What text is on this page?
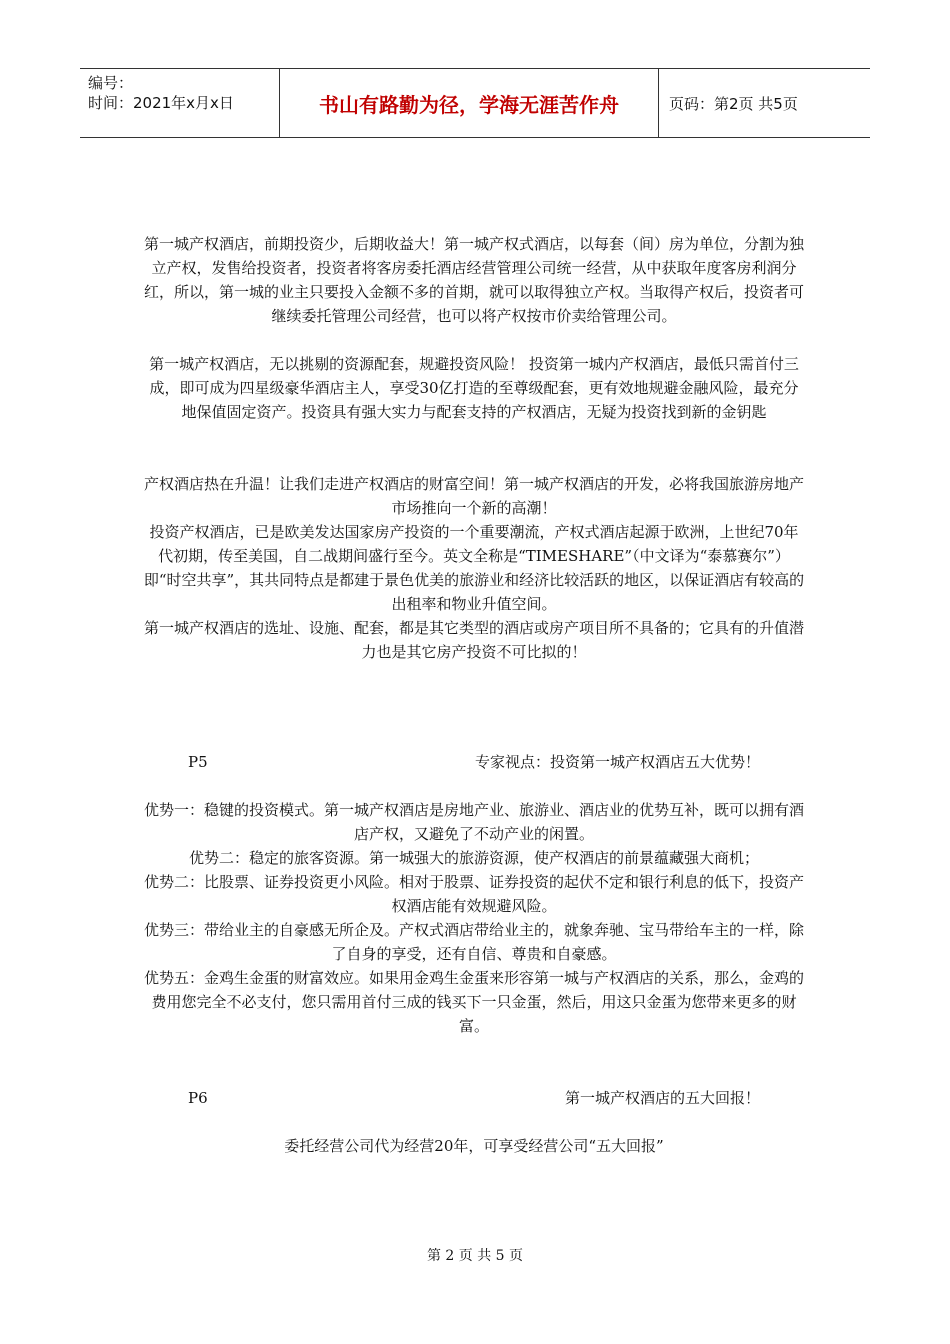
编号：
时间：2021年x月x日	书山有路勤为径，学海无涯苦作舟	页码：第2页 共5页

第一城产权酒店，前期投资少，后期收益大！第一城产权式酒店，以每套（间）房为单位，分割为独立产权，发售给投资者，投资者将客房委托酒店经营管理公司统一经营，从中获取年度客房利润分红，所以，第一城的业主只要投入金额不多的首期，就可以取得独立产权。当取得产权后，投资者可继续委托管理公司经营，也可以将产权按市价卖给管理公司。

第一城产权酒店，无以挑剔的资源配套，规避投资风险！ 投资第一城内产权酒店，最低只需首付三成，即可成为四星级豪华酒店主人，享受30亿打造的至尊级配套，更有效地规避金融风险，最充分地保值固定资产。投资具有强大实力与配套支持的产权酒店，无疑为投资找到新的金钥匙

产权酒店热在升温！让我们走进产权酒店的财富空间！第一城产权酒店的开发，必将我国旅游房地产市场推向一个新的高潮！

投资产权酒店，已是欧美发达国家房产投资的一个重要潮流，产权式酒店起源于欧洲，上世纪70年代初期，传至美国，自二战期间盛行至今。英文全称是“TIMESHARE”（中文译为“泰慕赛尔”）即“时空共享”，其共同特点是都建于景色优美的旅游业和经济比较活跃的地区，以保证酒店有较高的出租率和物业升值空间。

第一城产权酒店的选址、设施、配套，都是其它类型的酒店或房产项目所不具备的；它具有的升值潜力也是其它房产投资不可比拟的！

P5	专家视点：投资第一城产权酒店五大优势！

优势一：稳键的投资模式。第一城产权酒店是房地产业、旅游业、酒店业的优势互补，既可以拥有酒店产权，又避免了不动产业的闲置。

优势二：稳定的旅客资源。第一城强大的旅游资源，使产权酒店的前景蕴藏强大商机；

优势二：比股票、证券投资更小风险。相对于股票、证券投资的起伏不定和银行利息的低下，投资产权酒店能有效规避风险。

优势三：带给业主的自豪感无所企及。产权式酒店带给业主的，就象奔驰、宝马带给车主的一样，除了自身的享受，还有自信、尊贵和自豪感。

优势五：金鸡生金蛋的财富效应。如果用金鸡生金蛋来形容第一城与产权酒店的关系，那么，金鸡的费用您完全不必支付，您只需用首付三成的钱买下一只金蛋，然后，用这只金蛋为您带来更多的财富。

P6	第一城产权酒店的五大回报！

委托经营公司代为经营20年，可享受经营公司“五大回报”

第 2 页 共 5 页
